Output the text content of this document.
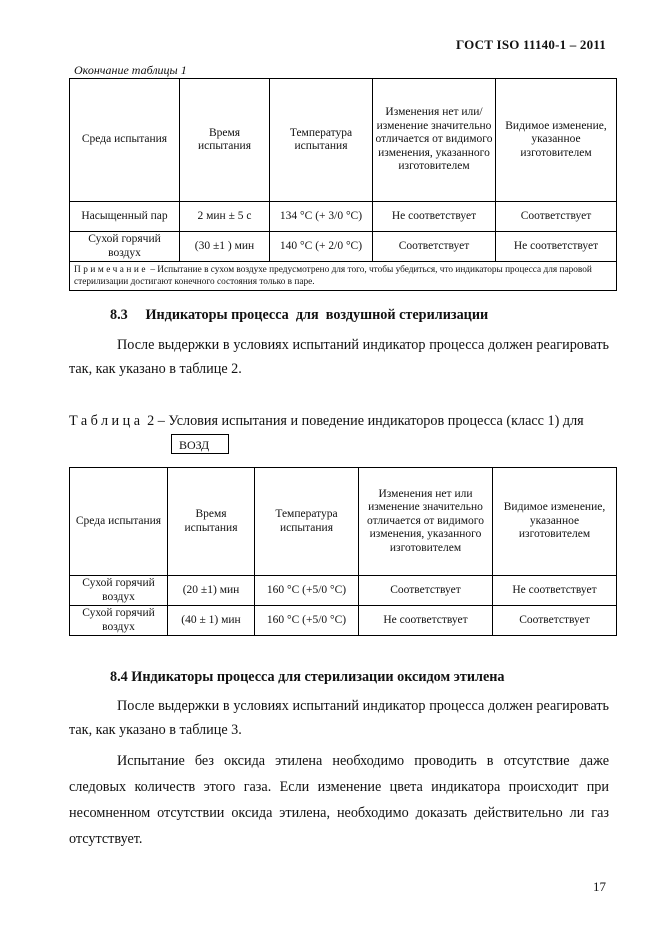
ГОСТ ISO 11140-1 – 2011
Окончание таблицы 1
Среда испытания	Время испытания	Температура испытания	Изменения нет или/изменение значительно отличается от видимого изменения, указанного изготовителем	Видимое изменение, указанное изготовителем
Насыщенный пар	2 мин ± 5 с	134 °С (+ 3/0 °С)	Не соответствует	Соответствует
Сухой горячий воздух	(30 ±1 ) мин	140 °С (+ 2/0 °С)	Соответствует	Не соответствует
Примечание – Испытание в сухом воздухе предусмотрено для того, чтобы убедиться, что индикаторы процесса для паровой стерилизации достигают конечного состояния только в паре.				
8.3     Индикаторы процесса  для  воздушной стерилизации
После выдержки в условиях испытаний индикатор процесса должен реагировать так, как указано в таблице 2.
Таблица 2 – Условия испытания и поведение индикаторов процесса (класс 1) для
ВОЗД
Среда испытания	Время испытания	Температура испытания	Изменения нет или изменение значительно отличается от видимого изменения, указанного изготовителем	Видимое изменение, указанное изготовителем
Сухой горячий воздух	(20 ±1) мин	160 °С (+5/0 °С)	Соответствует	Не соответствует
Сухой горячий воздух	(40 ± 1) мин	160 °С (+5/0 °С)	Не соответствует	Соответствует
8.4 Индикаторы процесса для стерилизации оксидом этилена
После выдержки в условиях испытаний индикатор процесса должен реагировать так, как указано в таблице 3.
Испытание без оксида этилена необходимо проводить в отсутствие даже следовых количеств этого газа. Если изменение цвета индикатора происходит при несомненном отсутствии оксида этилена, необходимо доказать действительно ли газ отсутствует.
17
